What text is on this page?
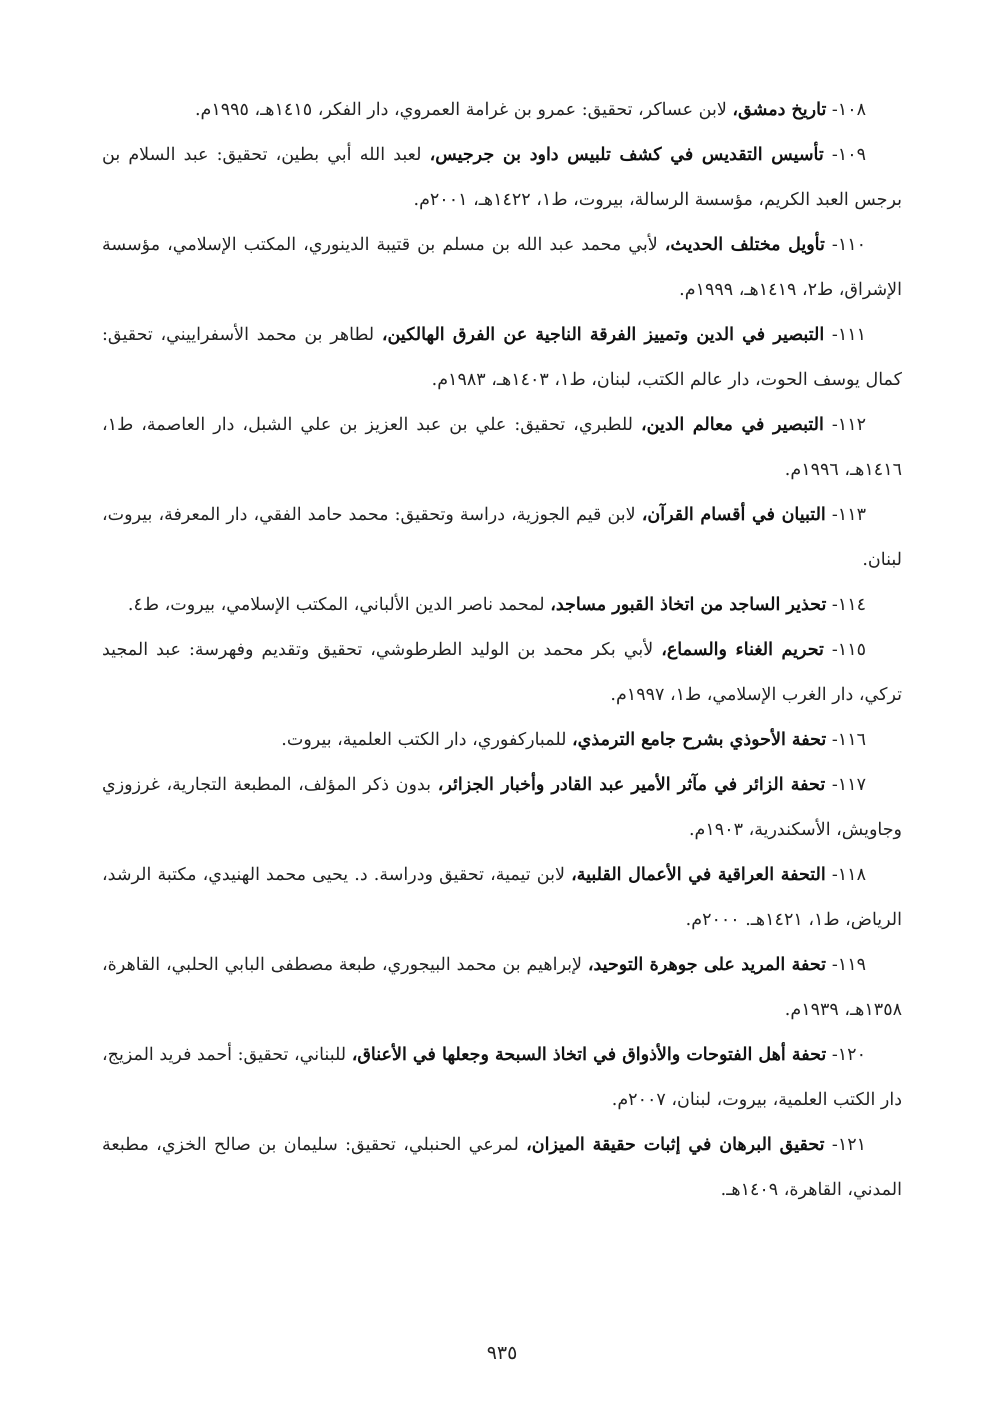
١٠٨- تاريخ دمشق، لابن عساكر، تحقيق: عمرو بن غرامة العمروي، دار الفكر، ١٤١٥هـ، ١٩٩٥م.

١٠٩- تأسيس التقديس في كشف تلبيس داود بن جرجيس، لعبد الله أبي بطين، تحقيق: عبد السلام بن برجس العبد الكريم، مؤسسة الرسالة، بيروت، ط١، ١٤٢٢هـ، ٢٠٠١م.

١١٠- تأويل مختلف الحديث، لأبي محمد عبد الله بن مسلم بن قتيبة الدينوري، المكتب الإسلامي، مؤسسة الإشراق، ط٢، ١٤١٩هـ، ١٩٩٩م.

١١١- التبصير في الدين وتمييز الفرقة الناجية عن الفرق الهالكين، لطاهر بن محمد الأسفراييني، تحقيق: كمال يوسف الحوت، دار عالم الكتب، لبنان، ط١، ١٤٠٣هـ، ١٩٨٣م.

١١٢- التبصير في معالم الدين، للطبري، تحقيق: علي بن عبد العزيز بن علي الشبل، دار العاصمة، ط١، ١٤١٦هـ، ١٩٩٦م.

١١٣- التبيان في أقسام القرآن، لابن قيم الجوزية، دراسة وتحقيق: محمد حامد الفقي، دار المعرفة، بيروت، لبنان.

١١٤- تحذير الساجد من اتخاذ القبور مساجد، لمحمد ناصر الدين الألباني، المكتب الإسلامي، بيروت، ط٤.

١١٥- تحريم الغناء والسماع، لأبي بكر محمد بن الوليد الطرطوشي، تحقيق وتقديم وفهرسة: عبد المجيد تركي، دار الغرب الإسلامي، ط١، ١٩٩٧م.

١١٦- تحفة الأحوذي بشرح جامع الترمذي، للمباركفوري، دار الكتب العلمية، بيروت.

١١٧- تحفة الزائر في مآثر الأمير عبد القادر وأخبار الجزائر، بدون ذكر المؤلف، المطبعة التجارية، غرزوزي وجاويش، الأسكندرية، ١٩٠٣م.

١١٨- التحفة العراقية في الأعمال القلبية، لابن تيمية، تحقيق ودراسة. د. يحيى محمد الهنيدي، مكتبة الرشد، الرياض، ط١، ١٤٢١هـ. ٢٠٠٠م.

١١٩- تحفة المريد على جوهرة التوحيد، لإبراهيم بن محمد البيجوري، طبعة مصطفى البابي الحلبي، القاهرة، ١٣٥٨هـ، ١٩٣٩م.

١٢٠- تحفة أهل الفتوحات والأذواق في اتخاذ السبحة وجعلها في الأعناق، للبناني، تحقيق: أحمد فريد المزيج، دار الكتب العلمية، بيروت، لبنان، ٢٠٠٧م.

١٢١- تحقيق البرهان في إثبات حقيقة الميزان، لمرعي الحنبلي، تحقيق: سليمان بن صالح الخزي، مطبعة المدني، القاهرة، ١٤٠٩هـ.

٩٣٥
